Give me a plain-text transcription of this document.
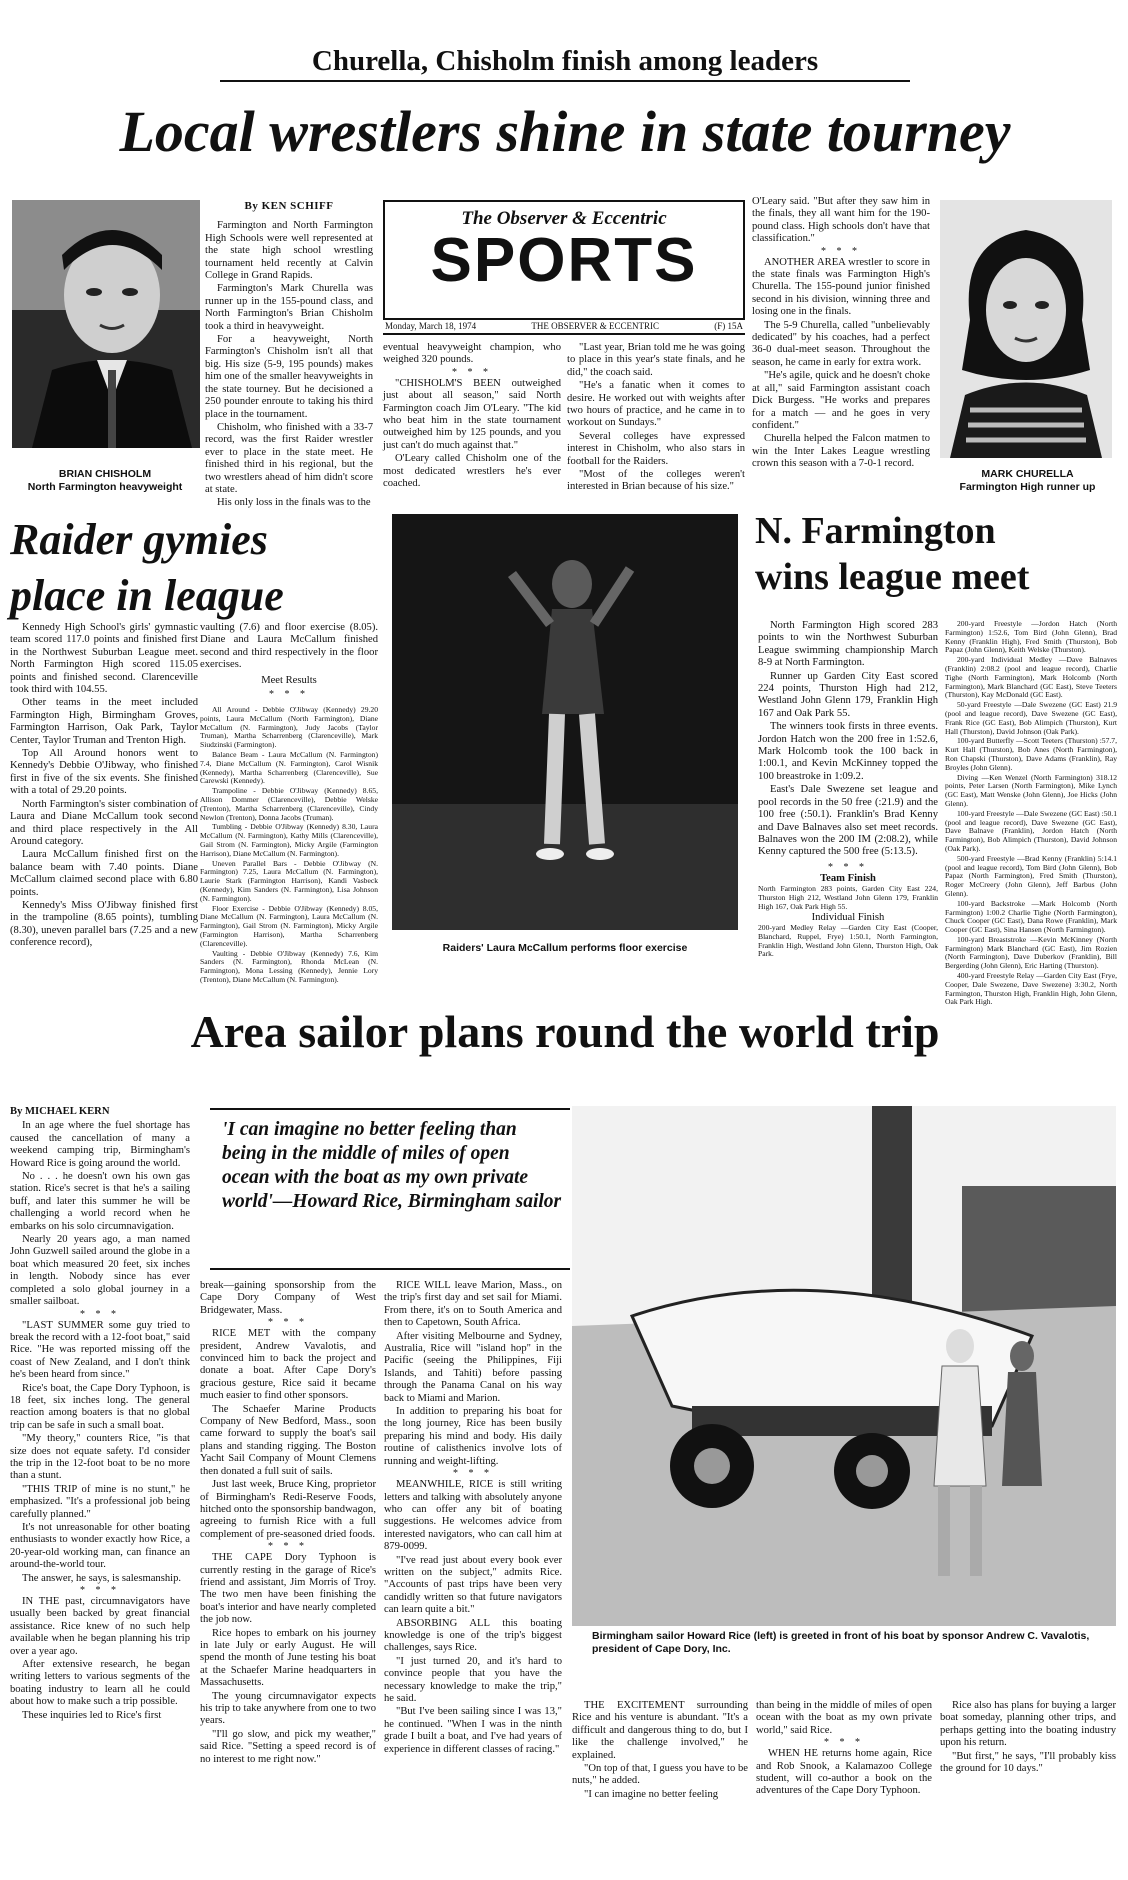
Churella, Chisholm finish among leaders
Local wrestlers shine in state tourney
BRIAN CHISHOLM
North Farmington heavyweight
By KEN SCHIFF

Farmington and North Farmington High Schools were well represented at the state high school wrestling tournament held recently at Calvin College in Grand Rapids.

Farmington's Mark Churella was runner up in the 155-pound class, and North Farmington's Brian Chisholm took a third in heavyweight.

For a heavyweight, North Farmington's Chisholm isn't all that big. His size (5-9, 195 pounds) makes him one of the smaller heavyweights in the state tourney. But he decisioned a 250 pounder enroute to taking his third place in the tournament.

Chisholm, who finished with a 33-7 record, was the first Raider wrestler ever to place in the state meet. He finished third in his regional, but the two wrestlers ahead of him didn't score at state.

His only loss in the finals was to the

The Observer & Eccentric
SPORTS
Monday, March 18, 1974	THE OBSERVER & ECCENTRIC	(F) 15A

eventual heavyweight champion, who weighed 320 pounds.

* * *

"CHISHOLM'S BEEN outweighed just about all season," said North Farmington coach Jim O'Leary. "The kid who beat him in the state tournament outweighed him by 125 pounds, and you just can't do much against that."

O'Leary called Chisholm one of the most dedicated wrestlers he's ever coached.

"Last year, Brian told me he was going to place in this year's state finals, and he did," the coach said.

"He's a fanatic when it comes to desire. He worked out with weights after two hours of practice, and he came in to workout on Sundays."

Several colleges have expressed interest in Chisholm, who also stars in football for the Raiders.

"Most of the colleges weren't interested in Brian because of his size."

O'Leary said. "But after they saw him in the finals, they all want him for the 190-pound class. High schools don't have that classification."

* * *

ANOTHER AREA wrestler to score in the state finals was Farmington High's Churella. The 155-pound junior finished second in his division, winning three and losing one in the finals.

The 5-9 Churella, called "unbelievably dedicated" by his coaches, had a perfect 36-0 dual-meet season. Throughout the season, he came in early for extra work.

"He's agile, quick and he doesn't choke at all," said Farmington assistant coach Dick Burgess. "He works and prepares for a match — and he goes in very confident."

Churella helped the Falcon matmen to win the Inter Lakes League wrestling crown this season with a 7-0-1 record.

MARK CHURELLA
Farmington High runner up
Raider gymies place in league

Kennedy High School's girls' gymnastic team scored 117.0 points and finished first in the Northwest Suburban League meet. North Farmington High scored 115.05 points and finished second. Clarenceville took third with 104.55.

Other teams in the meet included Farmington High, Birmingham Groves, Farmington Harrison, Oak Park, Taylor Center, Taylor Truman and Trenton High.

Top All Around honors went to Kennedy's Debbie O'Jibway, who finished first in five of the six events. She finished with a total of 29.20 points.

North Farmington's sister combination of Laura and Diane McCallum took second and third place respectively in the All Around category.

Laura McCallum finished first on the balance beam with 7.40 points. Diane McCallum claimed second place with 6.80 points.

Kennedy's Miss O'Jibway finished first in the trampoline (8.65 points), tumbling (8.30), uneven parallel bars (7.25 and a new conference record),

vaulting (7.6) and floor exercise (8.05). Diane and Laura McCallum finished second and third respectively in the floor exercises.

Meet Results
* * *

All Around - Debbie O'Jibway (Kennedy) 29.20 points, Laura McCallum (North Farmington), Diane McCallum (N. Farmington), Judy Jacobs (Taylor Truman), Martha Scharrenberg (Clarenceville), Mark Siudzinski (Farmington).

Balance Beam - Laura McCallum (N. Farmington) 7.4, Diane McCallum (N. Farmington), Carol Wisnik (Kennedy), Martha Scharrenberg (Clarenceville), Sue Carewski (Kennedy).

Trampoline - Debbie O'Jibway (Kennedy) 8.65, Allison Dommer (Clarenceville), Debbie Welske (Trenton), Martha Scharrenberg (Clarenceville), Cindy Newlon (Trenton), Donna Jacobs (Truman).

Tumbling - Debbie O'Jibway (Kennedy) 8.30, Laura McCallum (N. Farmington), Kathy Mills (Clarenceville), Gail Strom (N. Farmington), Micky Argile (Farmington Harrison), Diane McCallum (N. Farmington).

Uneven Parallel Bars - Debbie O'Jibway (N. Farmington) 7.25, Laura McCallum (N. Farmington), Laurie Stark (Farmington Harrison), Kandi Vasbeck (Kennedy), Kim Sanders (N. Farmington), Lisa Johnson (N. Farmington).

Floor Exercise - Debbie O'Jibway (Kennedy) 8.05, Diane McCallum (N. Farmington), Laura McCallum (N. Farmington), Gail Strom (N. Farmington), Micky Argile (Farmington Harrison), Martha Scharrenberg (Clarenceville).

Vaulting - Debbie O'Jibway (Kennedy) 7.6, Kim Sanders (N. Farmington), Rhonda McLean (N. Farmington), Mona Lessing (Kennedy), Jennie Lory (Trenton), Diane McCallum (N. Farmington).

Raiders' Laura McCallum performs floor exercise
N. Farmington
wins league meet

North Farmington High scored 283 points to win the Northwest Suburban League swimming championship March 8-9 at North Farmington.

Runner up Garden City East scored 224 points, Thurston High had 212, Westland John Glenn 179, Franklin High 167 and Oak Park 55.

The winners took firsts in three events. Jordon Hatch won the 200 free in 1:52.6, Mark Holcomb took the 100 back in 1:00.1, and Kevin McKinney topped the 100 breastroke in 1:09.2.

East's Dale Swezene set league and pool records in the 50 free (:21.9) and the 100 free (:50.1). Franklin's Brad Kenny and Dave Balnaves also set meet records. Balnaves won the 200 IM (2:08.2), while Kenny captured the 500 free (5:13.5).

* * *
Team Finish
North Farmington 283 points, Garden City East 224, Thurston High 212, Westland John Glenn 179, Franklin High 167, Oak Park High 55.
Individual Finish
200-yard Medley Relay —Garden City East (Cooper, Blanchard, Ruppel, Frye) 1:50.1, North Farmington, Franklin High, Westland John Glenn, Thurston High, Oak Park.

200-yard Freestyle —Jordon Hatch (North Farmington) 1:52.6, Tom Bird (John Glenn), Brad Kenny (Franklin High), Fred Smith (Thurston), Bob Papaz (John Glenn), Keith Welske (Thurston).

200-yard Individual Medley —Dave Balnaves (Franklin) 2:08.2 (pool and league record), Charlie Tighe (North Farmington), Mark Holcomb (North Farmington), Mark Blanchard (GC East), Steve Teeters (Thurston), Kay McDonald (GC East).

50-yard Freestyle —Dale Swezene (GC East) 21.9 (pool and league record), Dave Swezene (GC East), Frank Rice (GC East), Bob Alimpich (Thurston), Kurt Hall (Thurston), David Johnson (Oak Park).

100-yard Butterfly —Scott Teeters (Thurston) :57.7, Kurt Hall (Thurston), Bob Anes (North Farmington), Ron Chapski (Thurston), Dave Adams (Franklin), Ray Broyles (John Glenn).

Diving —Ken Wenzel (North Farmington) 318.12 points, Peter Larsen (North Farmington), Mike Lynch (GC East), Matt Wenske (John Glenn), Joe Hicks (John Glenn).

100-yard Freestyle —Dale Swezene (GC East) :50.1 (pool and league record), Dave Swezene (GC East), Dave Balnave (Franklin), Jordon Hatch (North Farmington), Bob Alimpich (Thurston), David Johnson (Oak Park).

500-yard Freestyle —Brad Kenny (Franklin) 5:14.1 (pool and league record), Tom Bird (John Glenn), Bob Papaz (North Farmington), Fred Smith (Thurston), Roger McCreery (John Glenn), Jeff Barbus (John Glenn).

100-yard Backstroke —Mark Holcomb (North Farmington) 1:00.2 Charlie Tighe (North Farmington), Chuck Cooper (GC East), Dana Rowe (Franklin), Mark Cooper (GC East), Sina Hansen (North Farmington).

100-yard Breaststroke —Kevin McKinney (North Farmington) Mark Blanchard (GC East), Jim Rozien (North Farmington), Dave Duberkov (Franklin), Bill Bergerding (John Glenn), Eric Harting (Thurston).

400-yard Freestyle Relay —Garden City East (Frye, Cooper, Dale Swezene, Dave Swezene) 3:30.2, North Farmington, Thurston High, Franklin High, John Glenn, Oak Park High.

Area sailor plans round the world trip
By MICHAEL KERN

In an age where the fuel shortage has caused the cancellation of many a weekend camping trip, Birmingham's Howard Rice is going around the world.

No . . . he doesn't own his own gas station. Rice's secret is that he's a sailing buff, and later this summer he will be challenging a world record when he embarks on his solo circumnavigation.

Nearly 20 years ago, a man named John Guzwell sailed around the globe in a boat which measured 20 feet, six inches in length. Nobody since has ever completed a solo global journey in a smaller sailboat.

* * *

"LAST SUMMER some guy tried to break the record with a 12-foot boat," said Rice. "He was reported missing off the coast of New Zealand, and I don't think he's been heard from since."

Rice's boat, the Cape Dory Typhoon, is 18 feet, six inches long. The general reaction among boaters is that no global trip can be safe in such a small boat.

"My theory," counters Rice, "is that size does not equate safety. I'd consider the trip in the 12-foot boat to be no more than a stunt.

"THIS TRIP of mine is no stunt," he emphasized. "It's a professional job being carefully planned."

It's not unreasonable for other boating enthusiasts to wonder exactly how Rice, a 20-year-old working man, can finance an around-the-world tour.

The answer, he says, is salesmanship.

* * *

IN THE past, circumnavigators have usually been backed by great financial assistance. Rice knew of no such help available when he began planning his trip over a year ago.

After extensive research, he began writing letters to various segments of the boating industry to learn all he could about how to make such a trip possible.

These inquiries led to Rice's first

'I can imagine no better feeling than being in the middle of miles of open ocean with the boat as my own private world'—Howard Rice, Birmingham sailor

break—gaining sponsorship from the Cape Dory Company of West Bridgewater, Mass.

* * *

RICE MET with the company president, Andrew Vavalotis, and convinced him to back the project and donate a boat. After Cape Dory's gracious gesture, Rice said it became much easier to find other sponsors.

The Schaefer Marine Products Company of New Bedford, Mass., soon came forward to supply the boat's sail plans and standing rigging. The Boston Yacht Sail Company of Mount Clemens then donated a full suit of sails.

Just last week, Bruce King, proprietor of Birmingham's Redi-Reserve Foods, hitched onto the sponsorship bandwagon, agreeing to furnish Rice with a full complement of pre-seasoned dried foods.

* * *

THE CAPE Dory Typhoon is currently resting in the garage of Rice's friend and assistant, Jim Morris of Troy. The two men have been finishing the boat's interior and have nearly completed the job now.

Rice hopes to embark on his journey in late July or early August. He will spend the month of June testing his boat at the Schaefer Marine headquarters in Massachusetts.

The young circumnavigator expects his trip to take anywhere from one to two years.

"I'll go slow, and pick my weather," said Rice. "Setting a speed record is of no interest to me right now."

RICE WILL leave Marion, Mass., on the trip's first day and set sail for Miami. From there, it's on to South America and then to Capetown, South Africa.

After visiting Melbourne and Sydney, Australia, Rice will "island hop" in the Pacific (seeing the Philippines, Fiji Islands, and Tahiti) before passing through the Panama Canal on his way back to Miami and Marion.

In addition to preparing his boat for the long journey, Rice has been busily preparing his mind and body. His daily routine of calisthenics involve lots of running and weight-lifting.

* * *

MEANWHILE, RICE is still writing letters and talking with absolutely anyone who can offer any bit of boating suggestions. He welcomes advice from interested navigators, who can call him at 879-0099.

"I've read just about every book ever written on the subject," admits Rice. "Accounts of past trips have been very candidly written so that future navigators can learn quite a bit."

ABSORBING ALL this boating knowledge is one of the trip's biggest challenges, says Rice.

"I just turned 20, and it's hard to convince people that you have the necessary knowledge to make the trip," he said.

"But I've been sailing since I was 13," he continued. "When I was in the ninth grade I built a boat, and I've had years of experience in different classes of racing."

Birmingham sailor Howard Rice (left) is greeted in front of his boat by sponsor Andrew C. Vavalotis, president of Cape Dory, Inc.

THE EXCITEMENT surrounding Rice and his venture is abundant. "It's a difficult and dangerous thing to do, but I like the challenge involved," he explained.

"On top of that, I guess you have to be nuts," he added.

"I can imagine no better feeling

than being in the middle of miles of open ocean with the boat as my own private world," said Rice.

* * *

WHEN HE returns home again, Rice and Rob Snook, a Kalamazoo College student, will co-author a book on the adventures of the Cape Dory Typhoon.

Rice also has plans for buying a larger boat someday, planning other trips, and perhaps getting into the boating industry upon his return.

"But first," he says, "I'll probably kiss the ground for 10 days."
